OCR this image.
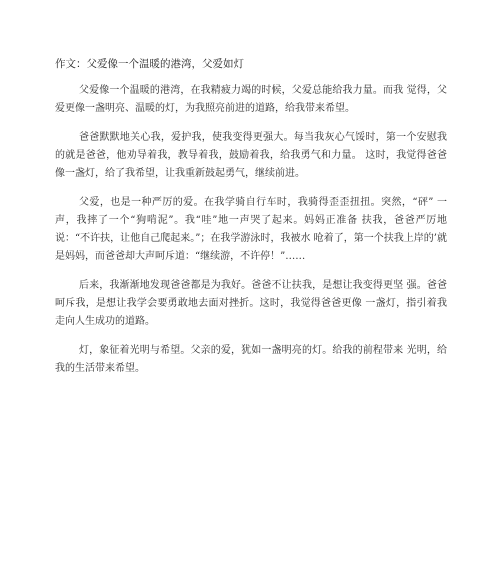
作文：父爱像一个温暖的港湾，父爱如灯

父爱像一个温暖的港湾，在我精疲力竭的时候，父爱总能给我力量。而我 觉得，父爱更像一盏明亮、温暖的灯，为我照亮前进的道路，给我带来希望。

爸爸默默地关心我，爱护我，使我变得更强大。每当我灰心气馁时，第一个安慰我的就是爸爸，他劝导着我，教导着我，鼓励着我，给我勇气和力量。 这时，我觉得爸爸像一盏灯，给了我希望，让我重新鼓起勇气，继续前进。

父爱，也是一种严厉的爱。在我学骑自行车时，我骑得歪歪扭扭。突然，“砰” 一声，我摔了一个“狗啃泥”。我“哇”地一声哭了起来。妈妈正准备 扶我，爸爸严厉地说：“不许扶，让他自己爬起来。”；在我学游泳时，我被水 呛着了，第一个扶我上岸的’就是妈妈，而爸爸却大声呵斥道：“继续游，不许停！”……

后来，我渐渐地发现爸爸都是为我好。爸爸不让扶我，是想让我变得更坚 强。爸爸呵斥我，是想让我学会要勇敢地去面对挫折。这时，我觉得爸爸更像 一盏灯，指引着我走向人生成功的道路。

灯，象征着光明与希望。父亲的爱，犹如一盏明亮的灯。给我的前程带来 光明，给我的生活带来希望。
